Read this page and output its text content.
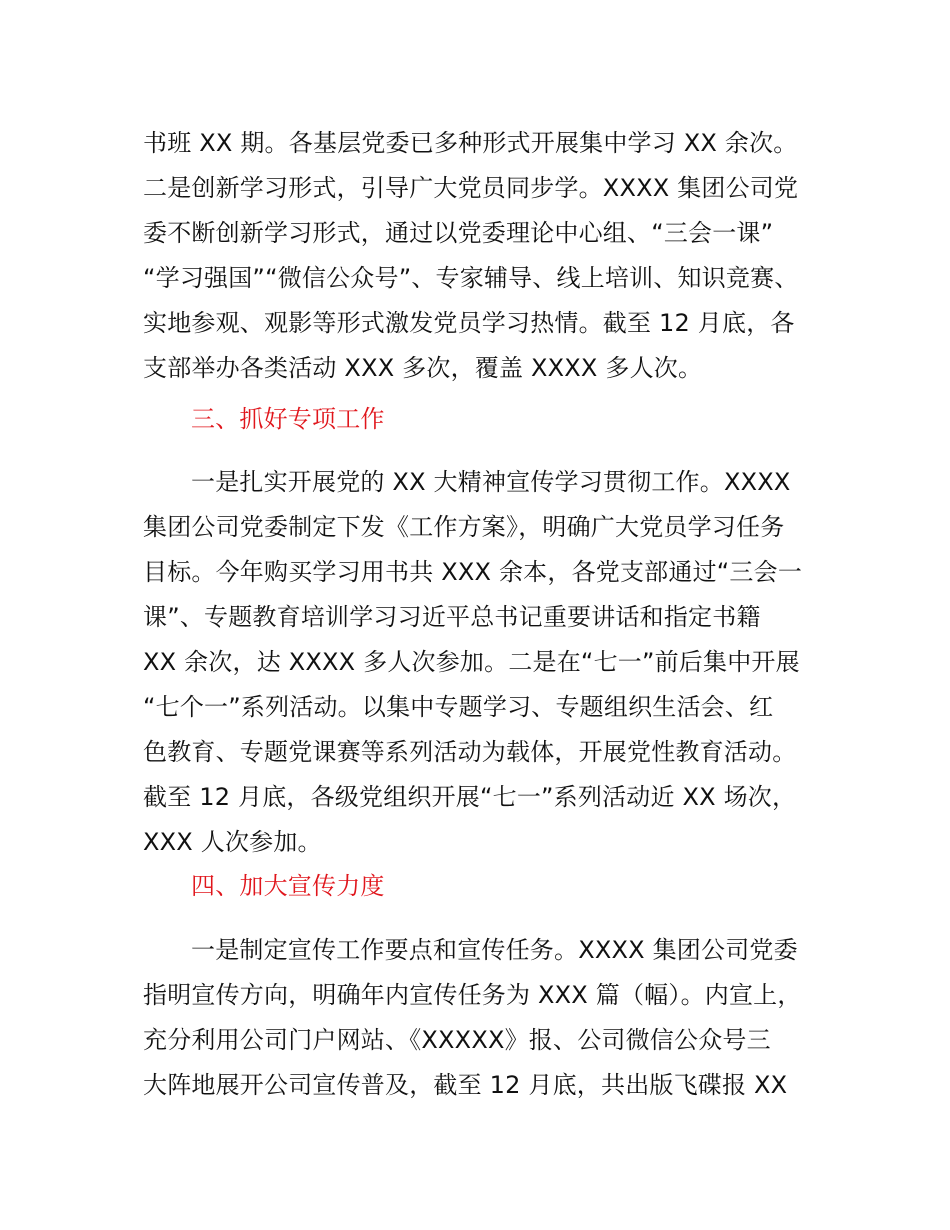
书班 XX 期。各基层党委已多种形式开展集中学习 XX 余次。
二是创新学习形式，引导广大党员同步学。XXXX 集团公司党
委不断创新学习形式，通过以党委理论中心组、“三会一课”
“学习强国”“微信公众号”、专家辅导、线上培训、知识竞赛、
实地参观、观影等形式激发党员学习热情。截至 12 月底，各
支部举办各类活动 XXX 多次，覆盖 XXXX 多人次。
三、抓好专项工作
一是扎实开展党的 XX 大精神宣传学习贯彻工作。XXXX
集团公司党委制定下发《工作方案》，明确广大党员学习任务
目标。今年购买学习用书共 XXX 余本，各党支部通过“三会一
课”、专题教育培训学习习近平总书记重要讲话和指定书籍
XX 余次，达 XXXX 多人次参加。二是在“七一”前后集中开展
“七个一”系列活动。以集中专题学习、专题组织生活会、红
色教育、专题党课赛等系列活动为载体，开展党性教育活动。
截至 12 月底，各级党组织开展“七一”系列活动近 XX 场次，
XXX 人次参加。
四、加大宣传力度
一是制定宣传工作要点和宣传任务。XXXX 集团公司党委
指明宣传方向，明确年内宣传任务为 XXX 篇（幅）。内宣上，
充分利用公司门户网站、《XXXXX》报、公司微信公众号三
大阵地展开公司宣传普及，截至 12 月底，共出版飞碟报 XX
